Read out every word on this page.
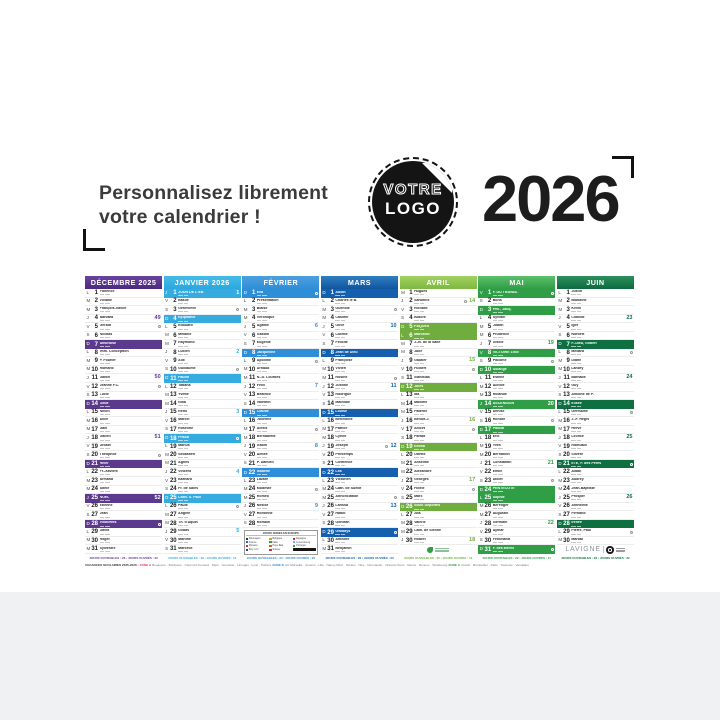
Personnalisez librement
votre calendrier !
VOTRE
LOGO 2026
DÉCEMBRE 2025
L 1 Florence
M 2 Viviane
M 3 François-Xavier
J 4 Barbara	49
V 5 Gérald
S 6 Nicolas
D 7 Ambroise
L 8 Imm. Conception
M 9 P. Fourier
M 10 Romaric
J 11 Daniel	50
V 12 Jeanne F.C.
S 13 Lucie
D 14 Odile
L 15 Ninon
M 16 Alice
M 17 Gaël
J 18 Gatien	51
V 19 Urbain
S 20 Théophile
D 21 Hiver
L 22 Fr.-Xavière
M 23 Armand
M 24 Adèle
J 25 NOËL	52
V 26 Étienne
S 27 Jean
D 28 Innocents
L 29 David
M 30 Roger
M 31 Sylvestre
JOURS OUVRABLES : 26 • JOURS OUVRÉS : 22
JANVIER 2026
J 1 JOUR DE L'AN	1
V 2 Basile
S 3 Geneviève
D 4 Épiphanie
L 5 Édouard
M 6 Mélaine
M 7 Raymond
J 8 Lucien	2
V 9 Alix
S 10 Guillaume
D 11 Paulin
L 12 Tatiana
M 13 Yvette
M 14 Nina
J 15 Rémi	3
V 16 Marcel
S 17 Roseline
D 18 Prisca
L 19 Marius
M 20 Sébastien
M 21 Agnès
J 22 Vincent	4
V 23 Barnard
S 24 Fr. de Sales
D 25 Conv. S. Paul
L 26 Paule
M 27 Angèle
M 28 Th. d'Aquin
J 29 Gildas	5
V 30 Martine
S 31 Marcelle
JOURS OUVRABLES : 26 • JOURS OUVRÉS : 21
FÉVRIER
D 1 Ella
L 2 Présentation
M 3 Blaise
M 4 Véronique
J 5 Agathe	6
V 6 Gaston
S 7 Eugénie
D 8 Jacqueline
L 9 Apolline
M 10 Arnaud
M 11 N.-D. Lourdes
J 12 Félix	7
V 13 Béatrice
S 14 Valentin
D 15 Claude
L 16 Julienne
M 17 Alexis
M 18 Bernadette
J 19 Gabin	8
V 20 Aimée
S 21 P. Damien
D 22 Isabelle
L 23 Lazare
M 24 Modeste
M 25 Roméo
J 26 Nestor	9
V 27 Honorine
S 28 Romain
JOURS FÉRIÉS EN EUROPE
Allemagne	Belgique	Espagne
France	Italie	Luxembourg
Monaco	Pays-Bas	Portugal
Roy.-Uni	Suisse
JOURS OUVRABLES : 24 • JOURS OUVRÉS : 20
MARS
D 1 Aubin
L 2 Charles le B.
M 3 Guénolé
M 4 Casimir
J 5 Olive	10
V 6 Colette
S 7 Félicité
D 8 Jean de Dieu
L 9 Françoise
M 10 Vivien
M 11 Rosine
J 12 Justine	11
V 13 Rodrigue
S 14 Mathilde
D 15 Louise
L 16 Bénédicte
M 17 Patrice
M 18 Cyrille
J 19 Joseph	12
V 20 Printemps
S 21 Clémence
D 22 Léa
L 23 Victorien
M 24 Cath. de Suède
M 25 Annonciation
J 26 Larissa	13
V 27 Habib
S 28 Gontran
D 29 Gwladys
L 30 Amédée
M 31 Benjamin
JOURS OUVRABLES : 26 • JOURS OUVRÉS : 22
AVRIL
M 1 Hugues
J 2 Sandrine	14
V 3 Richard
S 4 Isidore
D 5 PÂQUES
L 6 Marcellin
M 7 J.-B. de la Salle
M 8 Julie
J 9 Gautier	15
V 10 Fulbert
S 11 Stanislas
D 12 Jules
L 13 Ida
M 14 Maxime
M 15 Paterne
J 16 Benoît-J.	16
V 17 Anicet
S 18 Parfait
D 19 Emma
L 20 Odette
M 21 Anselme
M 22 Alexandre
J 23 Georges	17
V 24 Fidèle
S 25 Marc
D 26 Souv. Déportés
L 27 Zita
M 28 Valérie
M 29 Cath. de Sienne
J 30 Robert	18
JOURS OUVRABLES : 25 • JOURS OUVRÉS : 21
MAI
V 1 F. DU TRAVAIL
S 2 Boris
D 3 Phil., Jacq.
L 4 Sylvain
M 5 Judith
M 6 Prudence
J 7 Gisèle	19
V 8 VICTOIRE 1945
S 9 Pacôme
D 10 Solange
L 11 Estelle
M 12 Achille
M 13 Rolande
J 14 ASCENSION	20
V 15 Denise
S 16 Honoré
D 17 Pascal
L 18 Éric
M 19 Yves
M 20 Bernardin
J 21 Constantin	21
V 22 Émile
S 23 Didier
D 24 PENTECÔTE
L 25 Sophie
M 26 Bérenger
M 27 Augustin
J 28 Germain	22
V 29 Aymar
S 30 Ferdinand
D 31 F. des Mères
JOURS OUVRABLES : 22 • JOURS OUVRÉS : 17
JUIN
L 1 Justin
M 2 Blandine
M 3 Kévin
J 4 Clotilde	23
V 5 Igor
S 6 Norbert
D 7 F.-Dieu, Gilbert
L 8 Médard
M 9 Diane
M 10 Landry
J 11 Barnabé	24
V 12 Guy
S 13 Antoine de P.
D 14 Élisée
L 15 Germaine
M 16 J.-F. Régis
M 17 Hervé
J 18 Léonce	25
V 19 Romuald
S 20 Silvère
D 21 ÉTÉ, F. des Pères
L 22 Alban
M 23 Audrey
M 24 Jean-Baptiste
J 25 Prosper	26
V 26 Anthelme
S 27 Fernand
D 28 Irénée
L 29 Pierre, Paul
M 30 Martial
LAVIGNE
JOURS OUVRABLES : 26 • JOURS OUVRÉS : 22
VACANCES SCOLAIRES 2025-2026 :ZONE ABesançon · Bordeaux · Clermont-Ferrand · Dijon · Grenoble · Limoges · Lyon · PoitiersZONE BAix-Marseille · Amiens · Lille · Nancy-Metz · Nantes · Nice · Normandie · Orléans-Tours · Reims · Rennes · StrasbourgZONE CCréteil · Montpellier · Paris · Toulouse · Versailles
